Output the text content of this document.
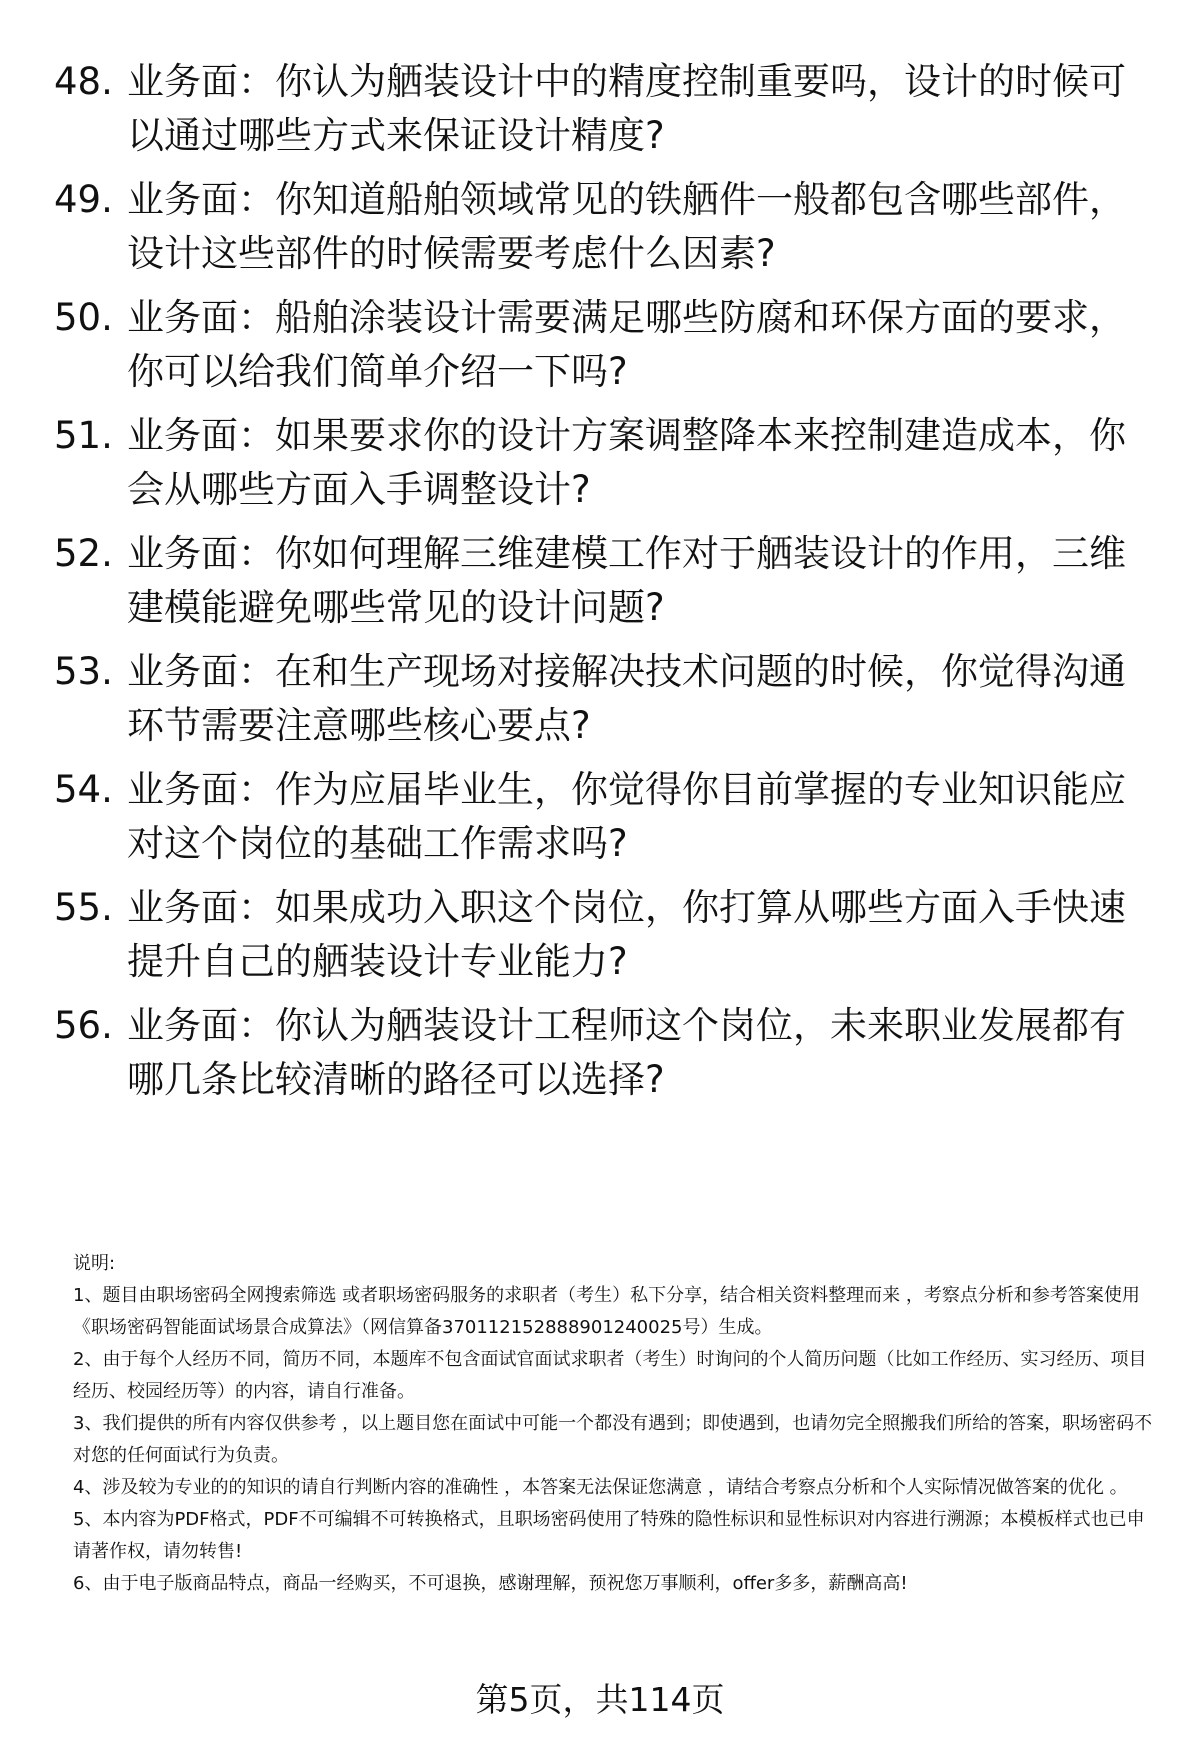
48. 业务面：你认为舾装设计中的精度控制重要吗，设计的时候可以通过哪些方式来保证设计精度?
49. 业务面：你知道船舶领域常见的铁舾件一般都包含哪些部件，设计这些部件的时候需要考虑什么因素?
50. 业务面：船舶涂装设计需要满足哪些防腐和环保方面的要求，你可以给我们简单介绍一下吗?
51. 业务面：如果要求你的设计方案调整降本来控制建造成本，你会从哪些方面入手调整设计?
52. 业务面：你如何理解三维建模工作对于舾装设计的作用，三维建模能避免哪些常见的设计问题?
53. 业务面：在和生产现场对接解决技术问题的时候，你觉得沟通环节需要注意哪些核心要点?
54. 业务面：作为应届毕业生，你觉得你目前掌握的专业知识能应对这个岗位的基础工作需求吗?
55. 业务面：如果成功入职这个岗位，你打算从哪些方面入手快速提升自己的舾装设计专业能力?
56. 业务面：你认为舾装设计工程师这个岗位，未来职业发展都有哪几条比较清晰的路径可以选择?

说明:

1、题目由职场密码全网搜索筛选 或者职场密码服务的求职者（考生）私下分享，结合相关资料整理而来 ，考察点分析和参考答案使用《职场密码智能面试场景合成算法》（网信算备370112152888901240025号）生成。

2、由于每个人经历不同，简历不同，本题库不包含面试官面试求职者（考生）时询问的个人简历问题（比如工作经历、实习经历、项目经历、校园经历等）的内容，请自行准备。

3、我们提供的所有内容仅供参考 ，以上题目您在面试中可能一个都没有遇到；即使遇到，也请勿完全照搬我们所给的答案，职场密码不对您的任何面试行为负责。

4、涉及较为专业的的知识的请自行判断内容的准确性 ，本答案无法保证您满意 ，请结合考察点分析和个人实际情况做答案的优化 。

5、本内容为PDF格式，PDF不可编辑不可转换格式，且职场密码使用了特殊的隐性标识和显性标识对内容进行溯源；本模板样式也已申请著作权，请勿转售!

6、由于电子版商品特点，商品一经购买，不可退换，感谢理解，预祝您万事顺利，offer多多，薪酬高高!

第5页，共114页
